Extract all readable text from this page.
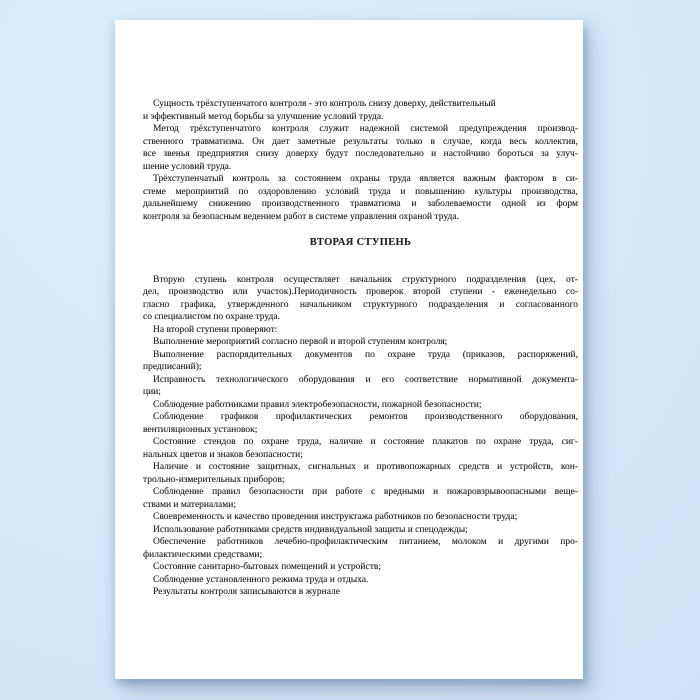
Сущность трёхступенчатого контроля - это контроль снизу доверху, действительный
и эффективный метод борьбы за улучшение условий труда.
Метод трёхступенчатого контроля служит надежной системой предупреждения производ-
ственного травматизма. Он дает заметные результаты только в случае, когда весь коллектив,
все звенья предприятия снизу доверху будут последовательно и настойчиво бороться за улуч-
шение условий труда.
Трёхступенчатый контроль за состоянием охраны труда является важным фактором в си-
стеме мероприятий по оздоровлению условий труда и повышению культуры производства,
дальнейшему снижению производственного травматизма и заболеваемости одной из форм
контроля за безопасным ведением работ в системе управления охраной труда.
ВТОРАЯ СТУПЕНЬ
Вторую ступень контроля осуществляет начальник структурного подразделения (цех, от-
дел, производство или участок).Периодичность проверок второй ступени - еженедельно со-
гласно графика, утвержденного начальником структурного подразделения и согласованного
со специалистом по охране труда.
На второй ступени проверяют:
Выполнение мероприятий согласно первой и второй ступеням контроля;
Выполнение распорядительных документов по охране труда (приказов, распоряжений,
предписаний);
Исправность технологического оборудования и его соответствие нормативной документа-
ции;
Соблюдение работниками правил электробезопасности, пожарной безопасности;
Соблюдение графиков профилактических ремонтов производственного оборудования,
вентиляционных установок;
Состояние стендов по охране труда, наличие и состояние плакатов по охране труда, сиг-
нальных цветов и знаков безопасности;
Наличие и состояние защитных, сигнальных и противопожарных средств и устройств, кон-
трольно-измерительных приборов;
Соблюдение правил безопасности при работе с вредными и пожаровзрывоопасными веще-
ствами и материалами;
Своевременность и качество проведения инструктажа работников по безопасности труда;
Использование работниками средств индивидуальной защиты и спецодежды;
Обеспечение работников лечебно-профилактическим питанием, молоком и другими про-
филактическими средствами;
Состояние санитарно-бытовых помещений и устройств;
Соблюдение установленного режима труда и отдыха.
Результаты контроля записываются в журнале
